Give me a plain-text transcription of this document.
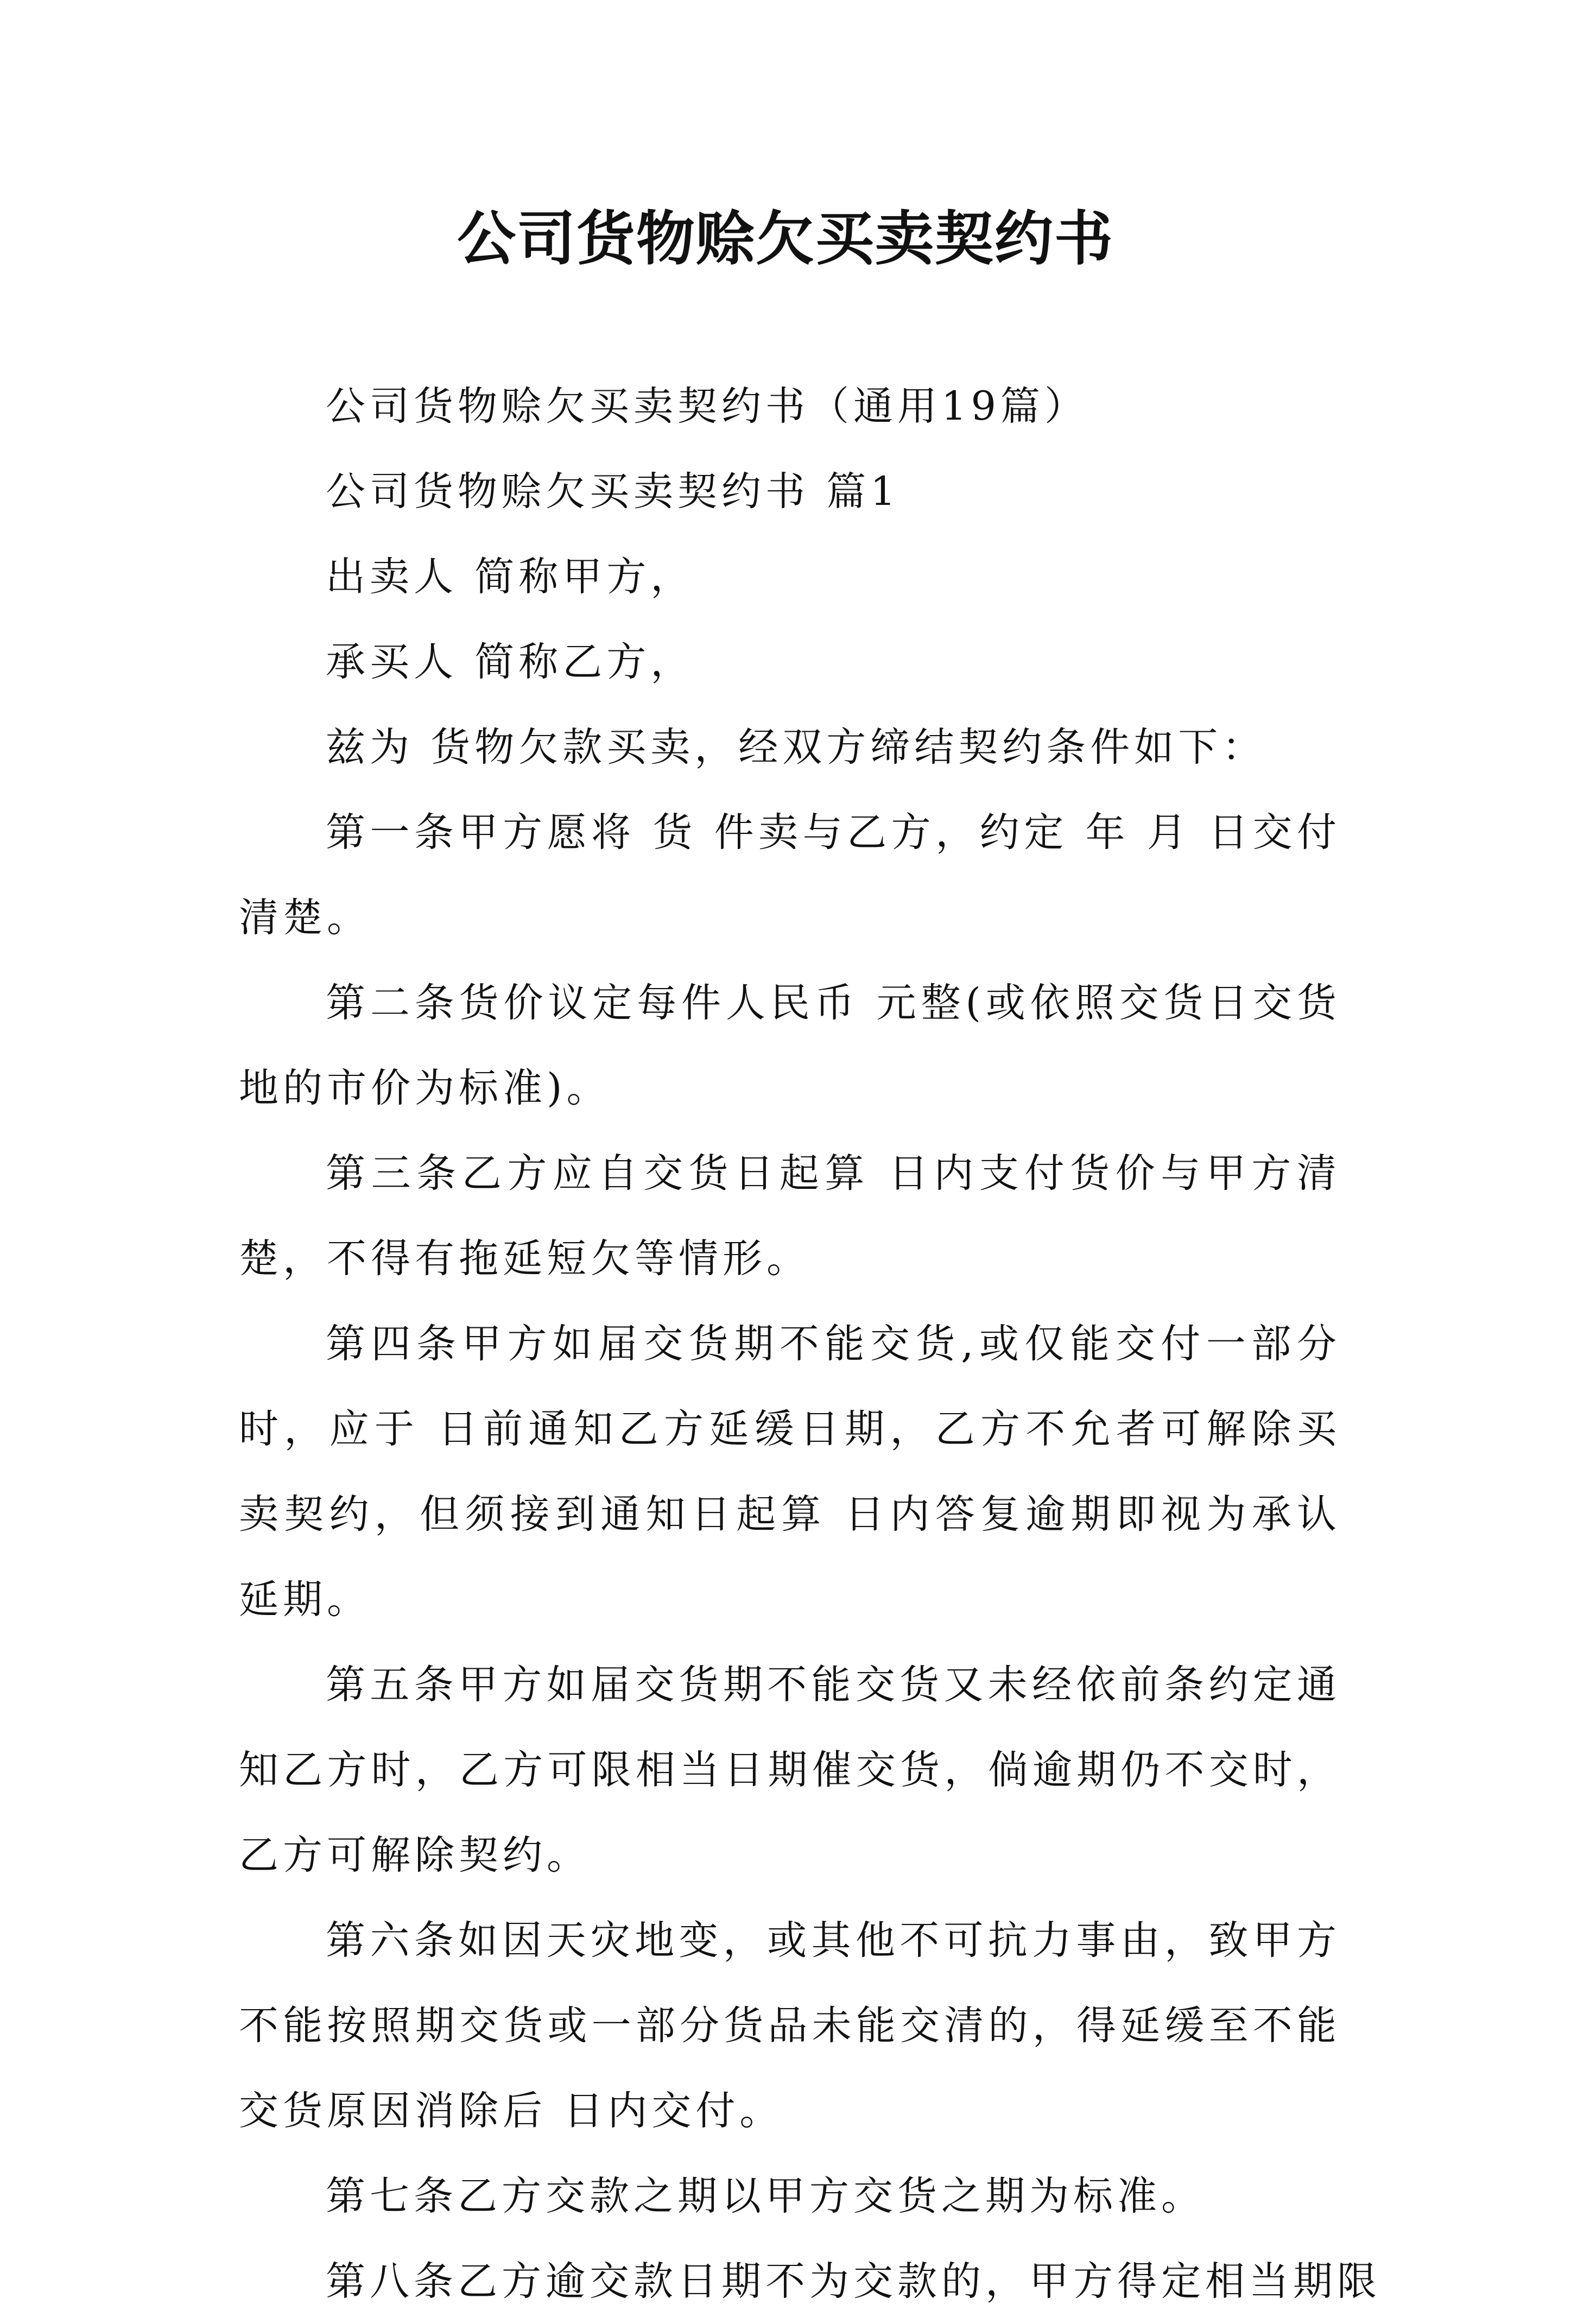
公司货物赊欠买卖契约书

公司货物赊欠买卖契约书（通用19篇）

公司货物赊欠买卖契约书 篇1

出卖人 简称甲方，

承买人 简称乙方，

兹为 货物欠款买卖，经双方缔结契约条件如下：

第一条甲方愿将 货 件卖与乙方，约定 年 月 日交付清楚。

第二条货价议定每件人民币 元整(或依照交货日交货地的市价为标准)。

第三条乙方应自交货日起算 日内支付货价与甲方清楚，不得有拖延短欠等情形。

第四条甲方如届交货期不能交货,或仅能交付一部分时，应于 日前通知乙方延缓日期，乙方不允者可解除买卖契约，但须接到通知日起算 日内答复逾期即视为承认延期。

第五条甲方如届交货期不能交货又未经依前条约定通知乙方时，乙方可限相当日期催交货，倘逾期仍不交时，乙方可解除契约。

第六条如因天灾地变，或其他不可抗力事由，致甲方不能按照期交货或一部分货品未能交清的，得延缓至不能交货原因消除后 日内交付。

第七条乙方交款之期以甲方交货之期为标准。

第八条乙方逾交款日期不为交款的，甲方得定相当期限
